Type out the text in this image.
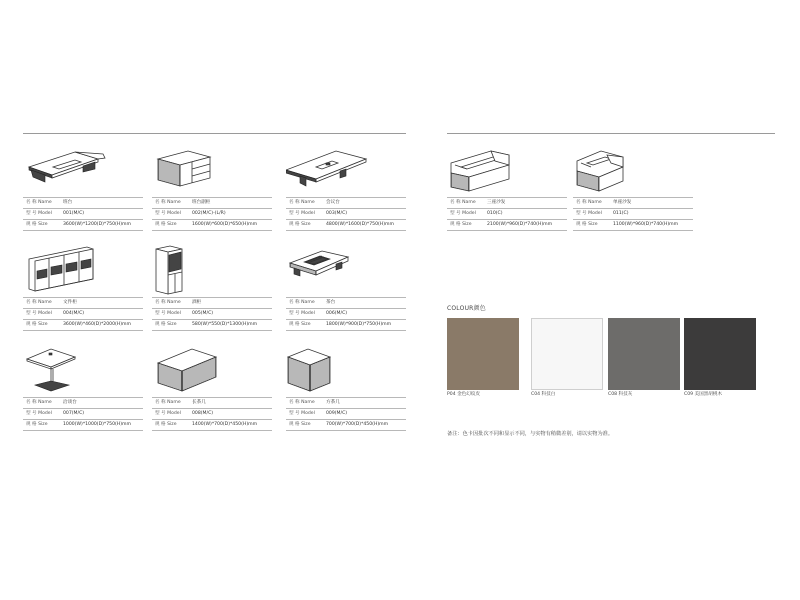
名 称 Name 班台
型 号 Model 001(M/C)
规 格 Size	3600(W)*1200(D)*750(H)mm
名 称 Name 班台副柜
型 号 Model 002(M/C)-(L/R)
规 格 Size	1600(W)*600(D)*650(H)mm
名 称 Name 会议台
型 号 Model 003(M/C)
规 格 Size	4800(W)*1600(D)*750(H)mm
名 称 Name 文件柜
型 号 Model 004(M/C)
规 格 Size	3600(W)*460(D)*2000(H)mm
名 称 Name 酒柜
型 号 Model 005(M/C)
规 格 Size	580(W)*550(D)*1300(H)mm
名 称 Name 茶台
型 号 Model 006(M/C)
规 格 Size	1800(W)*900(D)*750(H)mm
名 称 Name 洽谈台
型 号 Model 007(M/C)
规 格 Size	1000(W)*1000(D)*750(H)mm
名 称 Name 长茶几
型 号 Model 008(M/C)
规 格 Size	1400(W)*700(D)*450(H)mm
名 称 Name 方茶几
型 号 Model 009(M/C)
规 格 Size	700(W)*700(D)*450(H)mm
名 称 Name 三座沙发
型 号 Model 010(C)
规 格 Size	2100(W)*960(D)*740(H)mm
名 称 Name 单座沙发
型 号 Model 011(C)
规 格 Size	1100(W)*960(D)*740(H)mm
COLOUR颜色
P04 金色幻纹皮	C04 科技白	C08 科技灰	C09 美国黑胡桃木
备注：色卡因批次不同和显示不同，与实物有稍微差别，请以实物为准。
